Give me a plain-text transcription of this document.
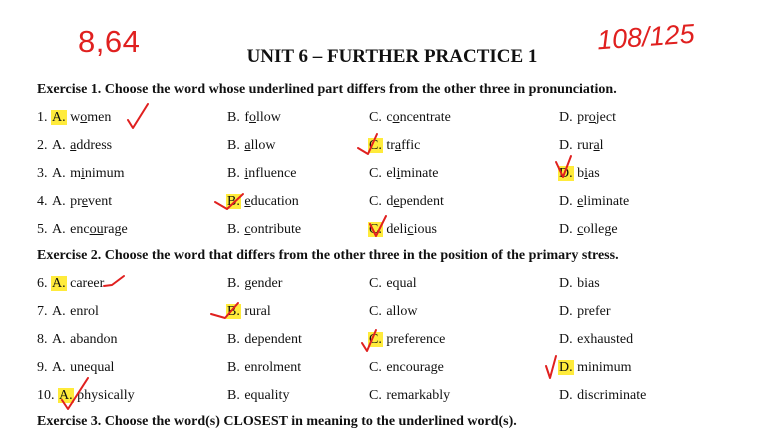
8,64	108/125
UNIT 6 – FURTHER PRACTICE 1
Exercise 1. Choose the word whose underlined part differs from the other three in pronunciation.
1. A. women	B. follow	C. concentrate	D. project
2. A. address	B. allow	C. traffic	D. rural
3. A. minimum	B. influence	C. eliminate	D. bias
4. A. prevent	B. education	C. dependent	D. eliminate
5. A. encourage	B. contribute	C. delicious	D. college
Exercise 2. Choose the word that differs from the other three in the position of the primary stress.
6. A. career	B. gender	C. equal	D. bias
7. A. enrol	B. rural	C. allow	D. prefer
8. A. abandon	B. dependent	C. preference	D. exhausted
9. A. unequal	B. enrolment	C. encourage	D. minimum
10. A. physically	B. equality	C. remarkably	D. discriminate
Exercise 3. Choose the word(s) CLOSEST in meaning to the underlined word(s).
